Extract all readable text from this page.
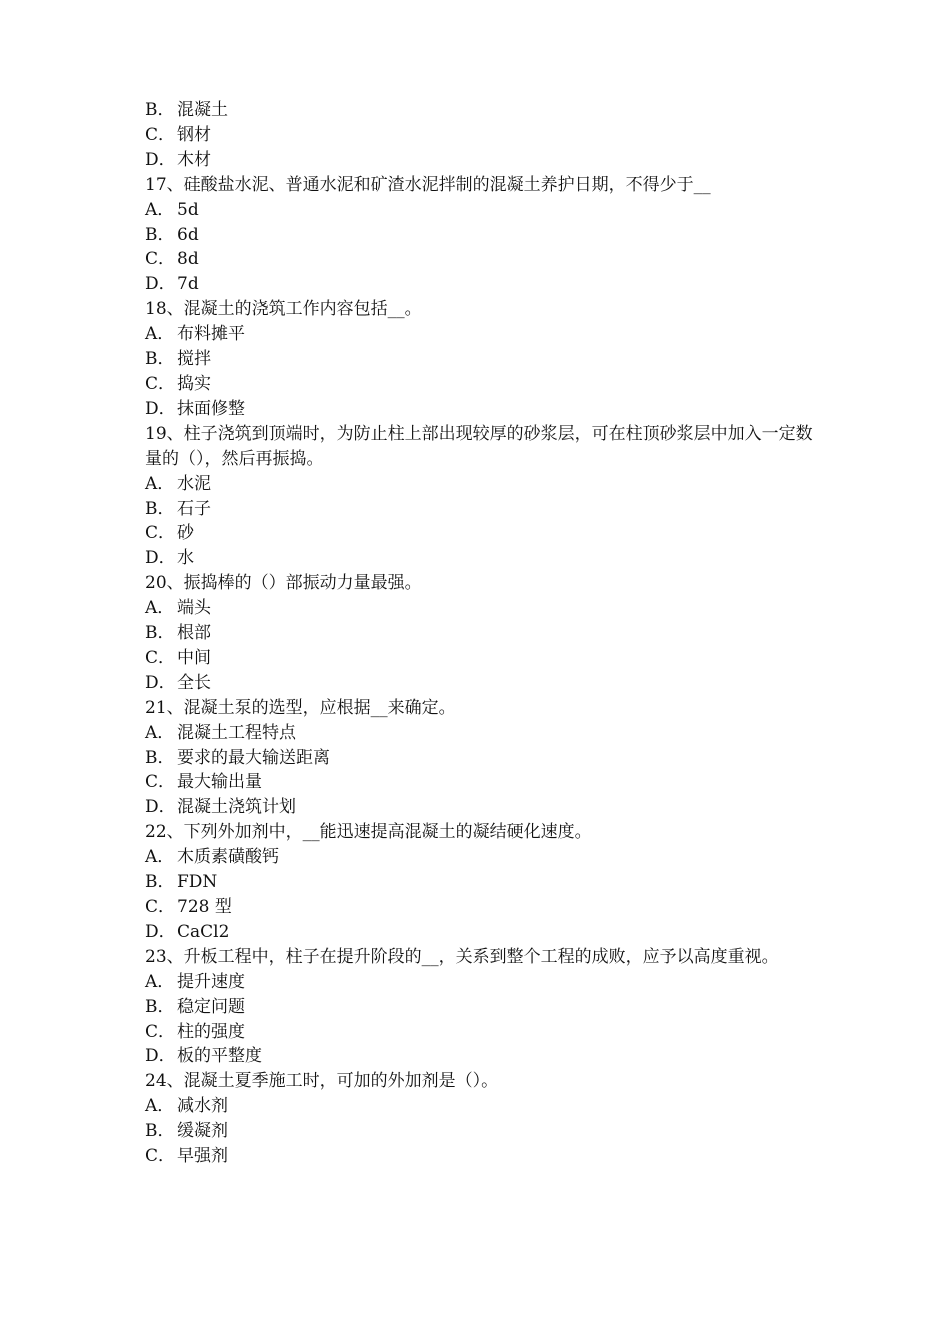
B． 混凝土
C． 钢材
D．木材
17、硅酸盐水泥、普通水泥和矿渣水泥拌制的混凝土养护日期，不得少于__
A． 5d
B． 6d
C． 8d
D．7d
18、混凝土的浇筑工作内容包括__。
A． 布料摊平
B． 搅拌
C． 捣实
D．抹面修整
19、柱子浇筑到顶端时，为防止柱上部出现较厚的砂浆层，可在柱顶砂浆层中加入一定数量的（），然后再振捣。
A． 水泥
B． 石子
C． 砂
D．水
20、振捣棒的（）部振动力量最强。
A． 端头
B． 根部
C． 中间
D．全长
21、混凝土泵的选型，应根据__来确定。
A． 混凝土工程特点
B． 要求的最大输送距离
C． 最大输出量
D．混凝土浇筑计划
22、下列外加剂中，__能迅速提高混凝土的凝结硬化速度。
A． 木质素磺酸钙
B． FDN
C． 728 型
D．CaCl2
23、升板工程中，柱子在提升阶段的__，关系到整个工程的成败，应予以高度重视。
A． 提升速度
B． 稳定问题
C． 柱的强度
D．板的平整度
24、混凝土夏季施工时，可加的外加剂是（）。
A． 减水剂
B． 缓凝剂
C． 早强剂
